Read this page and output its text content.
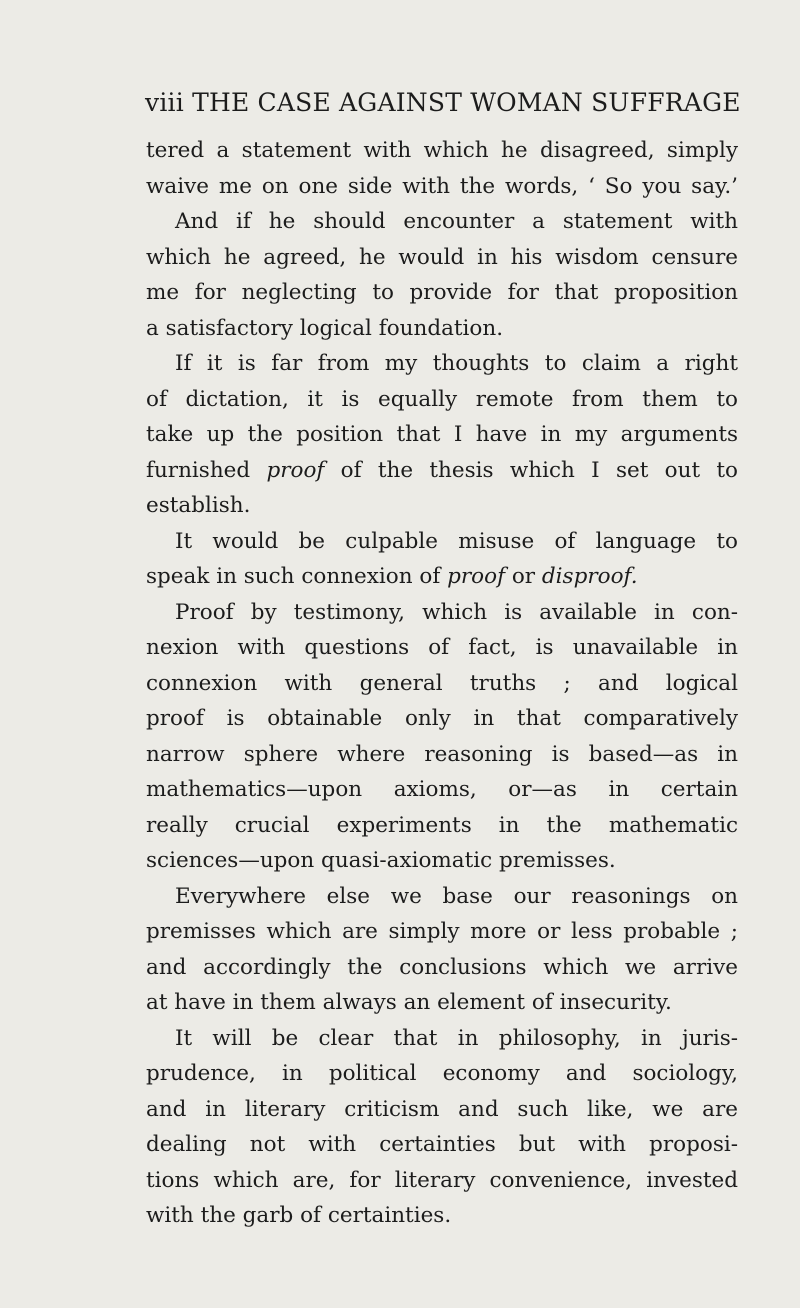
viii THE CASE AGAINST WOMAN SUFFRAGE
tered a statement with which he disagreed, simply
waive me on one side with the words, ‘ So you say.’
And if he should encounter a statement with
which he agreed, he would in his wisdom censure
me for neglecting to provide for that proposition
a satisfactory logical foundation.
If it is far from my thoughts to claim a right
of dictation, it is equally remote from them to
take up the position that I have in my arguments
furnished proof of the thesis which I set out to
establish.
It would be culpable misuse of language to
speak in such connexion of proof or disproof.
Proof by testimony, which is available in con-
nexion with questions of fact, is unavailable in
connexion with general truths ; and logical
proof is obtainable only in that comparatively
narrow sphere where reasoning is based—as in
mathematics—upon axioms, or—as in certain
really crucial experiments in the mathematic
sciences—upon quasi-axiomatic premisses.
Everywhere else we base our reasonings on
premisses which are simply more or less probable ;
and accordingly the conclusions which we arrive
at have in them always an element of insecurity.
It will be clear that in philosophy, in juris-
prudence, in political economy and sociology,
and in literary criticism and such like, we are
dealing not with certainties but with proposi-
tions which are, for literary convenience, invested
with the garb of certainties.
